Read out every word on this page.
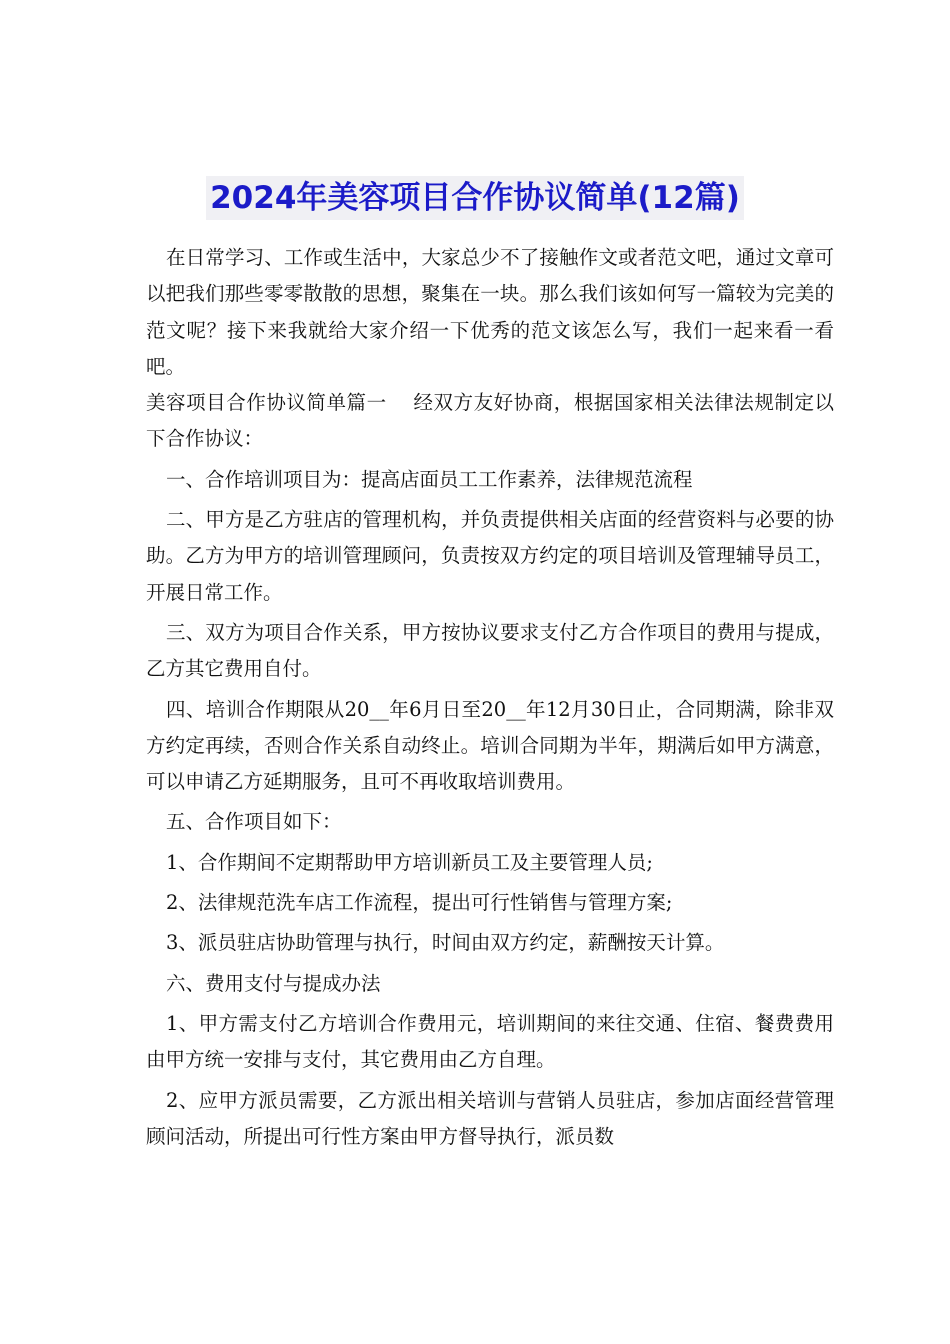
2024年美容项目合作协议简单(12篇)

在日常学习、工作或生活中，大家总少不了接触作文或者范文吧，通过文章可以把我们那些零零散散的思想，聚集在一块。那么我们该如何写一篇较为完美的范文呢？接下来我就给大家介绍一下优秀的范文该怎么写，我们一起来看一看吧。

美容项目合作协议简单篇一　 经双方友好协商，根据国家相关法律法规制定以下合作协议：

一、合作培训项目为：提高店面员工工作素养，法律规范流程

二、甲方是乙方驻店的管理机构，并负责提供相关店面的经营资料与必要的协助。乙方为甲方的培训管理顾问，负责按双方约定的项目培训及管理辅导员工，开展日常工作。

三、双方为项目合作关系，甲方按协议要求支付乙方合作项目的费用与提成，乙方其它费用自付。

四、培训合作期限从20__年6月日至20__年12月30日止，合同期满，除非双方约定再续，否则合作关系自动终止。培训合同期为半年，期满后如甲方满意，可以申请乙方延期服务，且可不再收取培训费用。

五、合作项目如下：

1、合作期间不定期帮助甲方培训新员工及主要管理人员;

2、法律规范洗车店工作流程，提出可行性销售与管理方案;

3、派员驻店协助管理与执行，时间由双方约定，薪酬按天计算。

六、费用支付与提成办法

1、甲方需支付乙方培训合作费用元，培训期间的来往交通、住宿、餐费费用由甲方统一安排与支付，其它费用由乙方自理。

2、应甲方派员需要，乙方派出相关培训与营销人员驻店，参加店面经营管理顾问活动，所提出可行性方案由甲方督导执行，派员数
